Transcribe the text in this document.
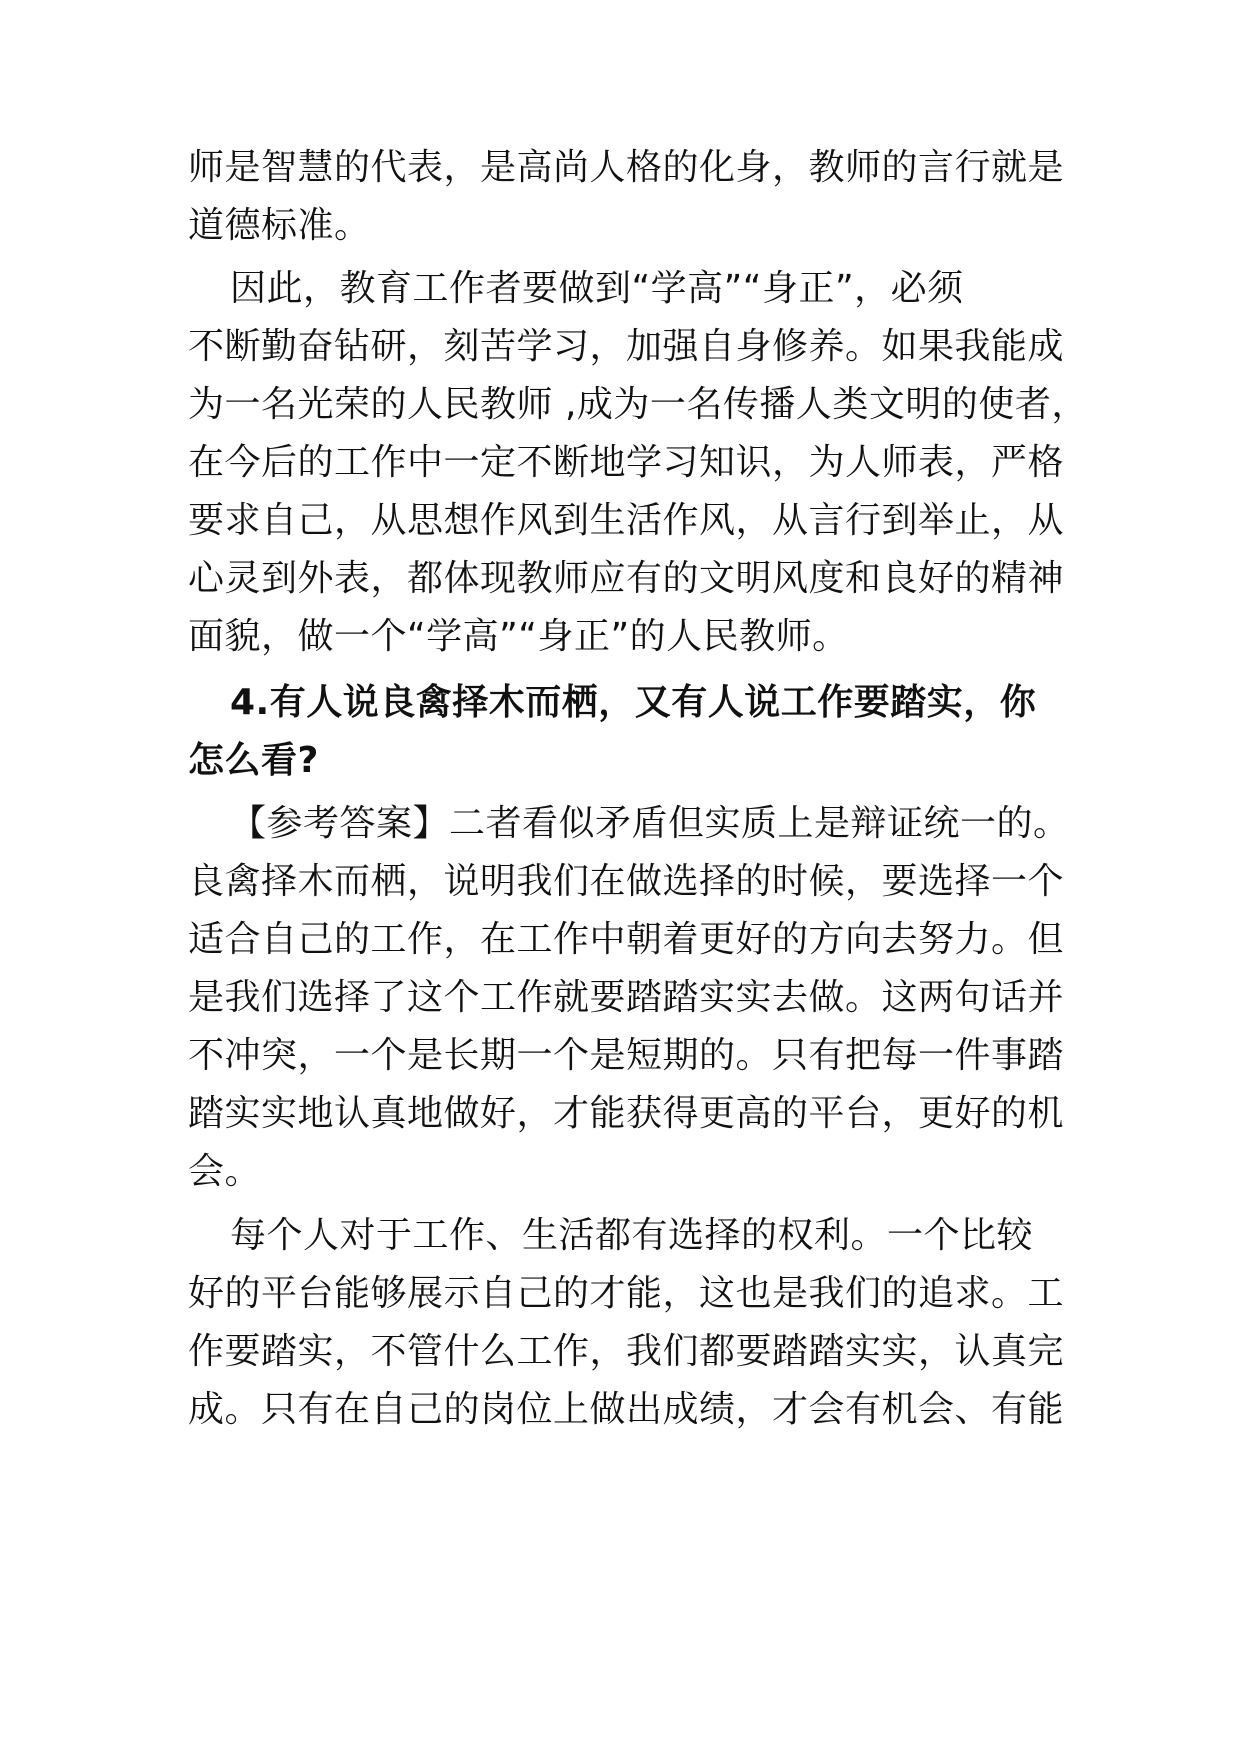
师是智慧的代表，是高尚人格的化身，教师的言行就是
道德标准。
因此，教育工作者要做到“学高”“身正”，必须
不断勤奋钻研，刻苦学习，加强自身修养。如果我能成
为一名光荣的人民教师 ,成为一名传播人类文明的使者，
在今后的工作中一定不断地学习知识，为人师表，严格
要求自己，从思想作风到生活作风，从言行到举止，从
心灵到外表，都体现教师应有的文明风度和良好的精神
面貌，做一个“学高”“身正”的人民教师。
4.有人说良禽择木而栖，又有人说工作要踏实，你
怎么看?
【参考答案】二者看似矛盾但实质上是辩证统一的。
良禽择木而栖，说明我们在做选择的时候，要选择一个
适合自己的工作，在工作中朝着更好的方向去努力。但
是我们选择了这个工作就要踏踏实实去做。这两句话并
不冲突，一个是长期一个是短期的。只有把每一件事踏
踏实实地认真地做好，才能获得更高的平台，更好的机
会。
每个人对于工作、生活都有选择的权利。一个比较
好的平台能够展示自己的才能，这也是我们的追求。工
作要踏实，不管什么工作，我们都要踏踏实实，认真完
成。只有在自己的岗位上做出成绩，才会有机会、有能
